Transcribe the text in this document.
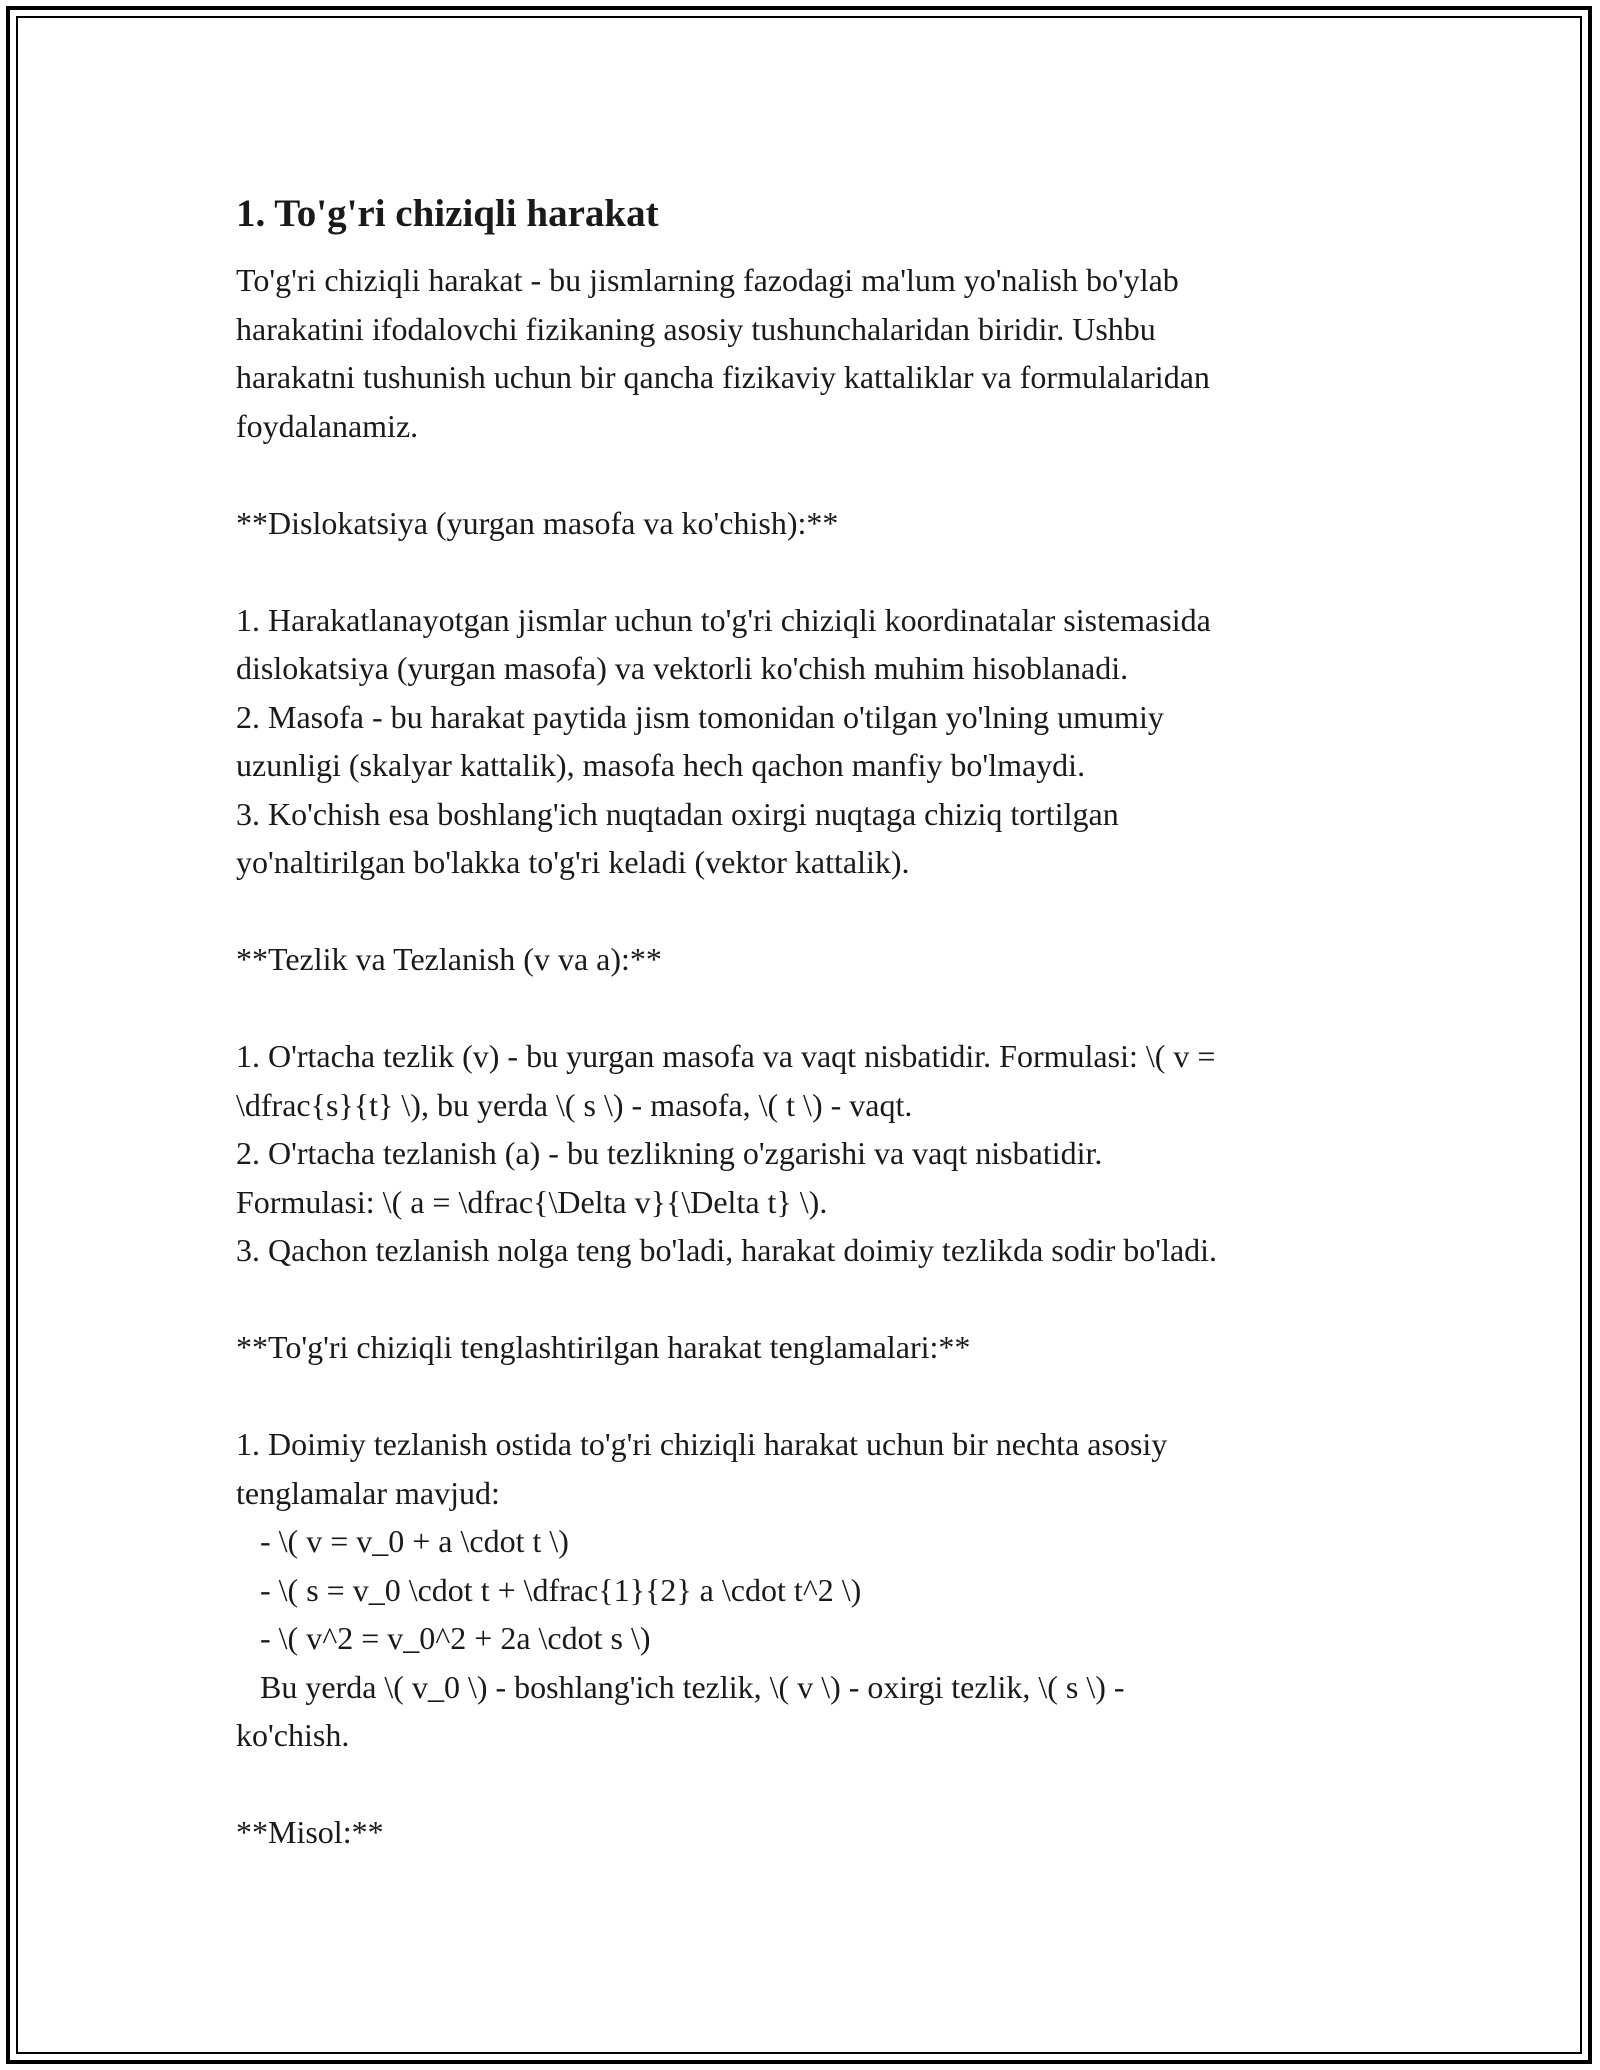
1. To'g'ri chiziqli harakat

To'g'ri chiziqli harakat - bu jismlarning fazodagi ma'lum yo'nalish bo'ylab
harakatini ifodalovchi fizikaning asosiy tushunchalaridan biridir. Ushbu
harakatni tushunish uchun bir qancha fizikaviy kattaliklar va formulalaridan
foydalanamiz.

**Dislokatsiya (yurgan masofa va ko'chish):**

1. Harakatlanayotgan jismlar uchun to'g'ri chiziqli koordinatalar sistemasida
dislokatsiya (yurgan masofa) va vektorli ko'chish muhim hisoblanadi.
2. Masofa - bu harakat paytida jism tomonidan o'tilgan yo'lning umumiy
uzunligi (skalyar kattalik), masofa hech qachon manfiy bo'lmaydi.
3. Ko'chish esa boshlang'ich nuqtadan oxirgi nuqtaga chiziq tortilgan
yo'naltirilgan bo'lakka to'g'ri keladi (vektor kattalik).

**Tezlik va Tezlanish (v va a):**

1. O'rtacha tezlik (v) - bu yurgan masofa va vaqt nisbatidir. Formulasi: \( v =
\dfrac{s}{t} \), bu yerda \( s \) - masofa, \( t \) - vaqt.
2. O'rtacha tezlanish (a) - bu tezlikning o'zgarishi va vaqt nisbatidir.
Formulasi: \( a = \dfrac{\Delta v}{\Delta t} \).
3. Qachon tezlanish nolga teng bo'ladi, harakat doimiy tezlikda sodir bo'ladi.

**To'g'ri chiziqli tenglashtirilgan harakat tenglamalari:**

1. Doimiy tezlanish ostida to'g'ri chiziqli harakat uchun bir nechta asosiy
tenglamalar mavjud:
- \( v = v_0 + a \cdot t \)
- \( s = v_0 \cdot t + \dfrac{1}{2} a \cdot t^2 \)
- \( v^2 = v_0^2 + 2a \cdot s \)
Bu yerda \( v_0 \) - boshlang'ich tezlik, \( v \) - oxirgi tezlik, \( s \) -
ko'chish.

**Misol:**
